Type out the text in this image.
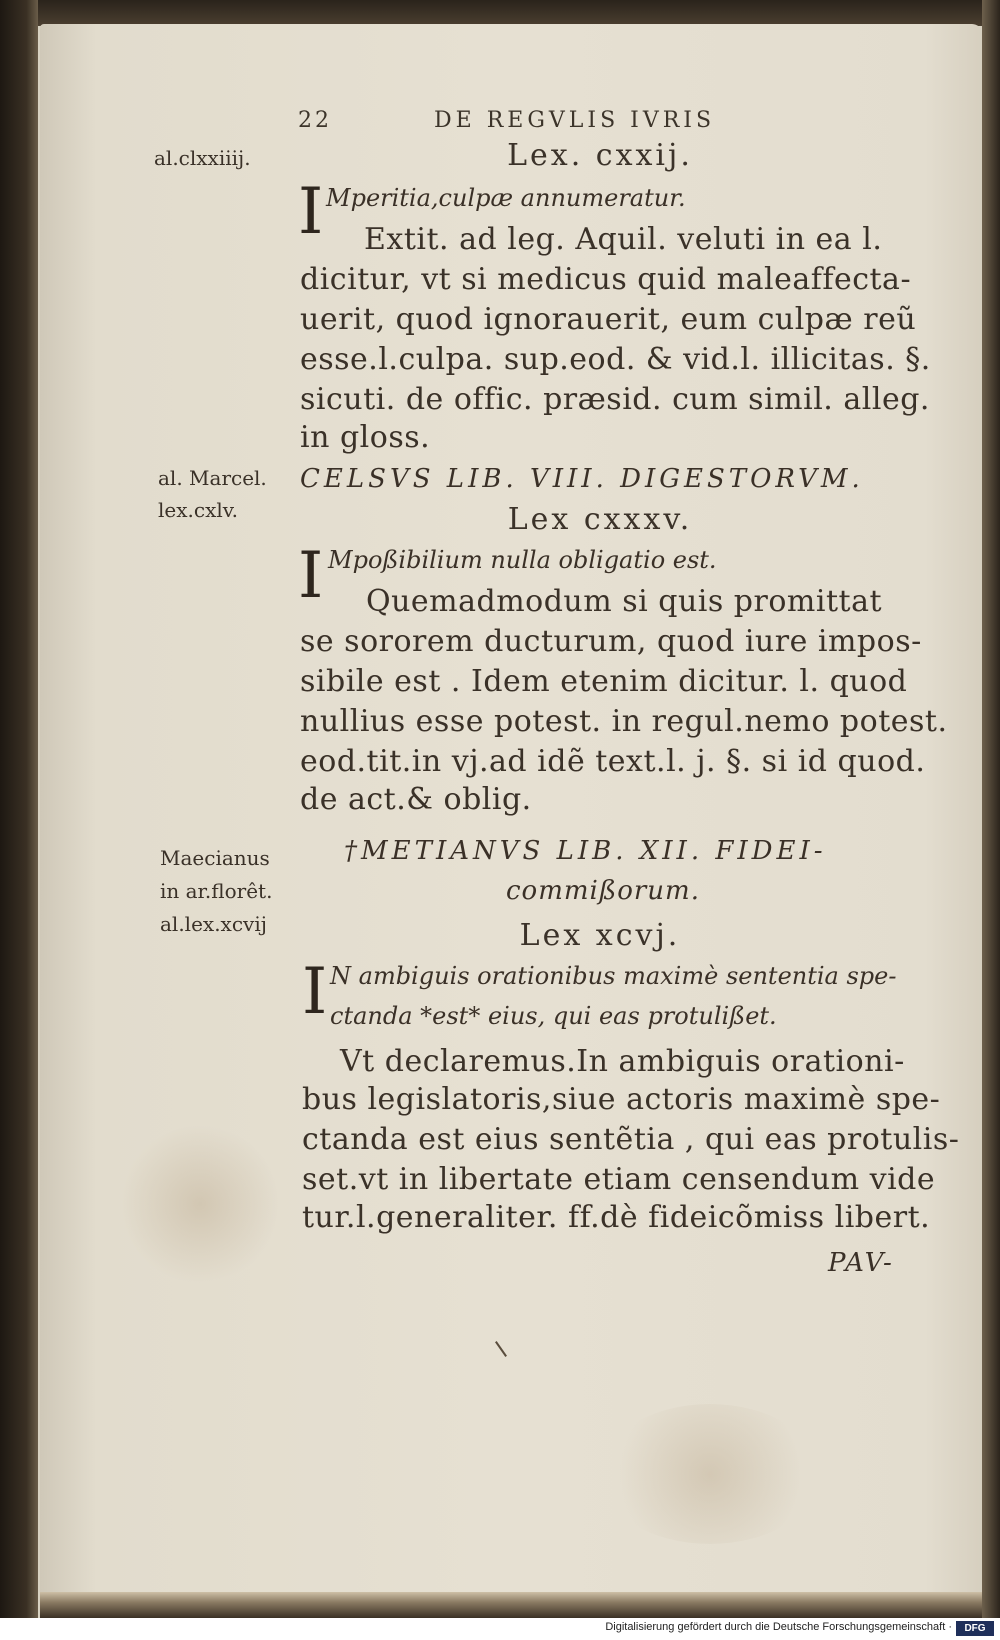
22	DE REGVLIS IVRIS
al.clxxiiij.
al. Marcel.
lex.cxlv.
Maecianus
in ar.florêt.
al.lex.xcvij
Lex. cxxij.
I Mperitia,culpæ annumeratur.
Extit. ad leg. Aquil. veluti in ea l.
dicitur, vt si medicus quid maleaffecta-
uerit, quod ignorauerit, eum culpæ reũ
esse.l.culpa. sup.eod. & vid.l. illicitas. §.
sicuti. de offic. præsid. cum simil. alleg.
in gloss.
CELSVS LIB. VIII. DIGESTORVM.
Lex cxxxv.
I Mpoßibilium nulla obligatio est.
Quemadmodum si quis promittat
se sororem ducturum, quod iure impos-
sibile est . Idem etenim dicitur. l. quod
nullius esse potest. in regul.nemo potest.
eod.tit.in vj.ad idẽ text.l. j. §. si id quod.
de act.& oblig.
†METIANVS LIB. XII. FIDEI-
commißorum.
Lex xcvj.
I N ambiguis orationibus maximè sententia spe-
ctanda *est* eius, qui eas protulißet.
Vt declaremus.In ambiguis orationi-
bus legislatoris,siue actoris maximè spe-
ctanda est eius sentẽtia , qui eas protulis-
set.vt in libertate etiam censendum vide
tur.l.generaliter. ff.dè fideicõmiss libert.
PAV-
Digitalisierung gefördert durch die Deutsche Forschungsgemeinschaft ·	DFG
